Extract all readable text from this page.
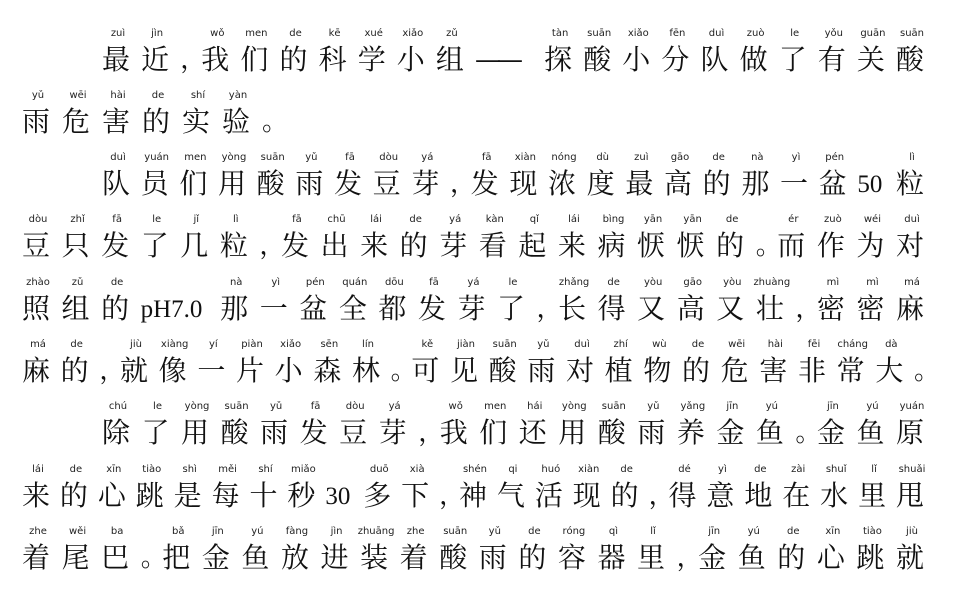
最
zuì
近
jìn
，
我
wǒ
们
men
的
de
科
kē
学
xué
小
xiǎo
组
zǔ
—— 探
tàn
酸
suān
小
xiǎo
分
fēn
队
duì
做
zuò
了
le
有
yǒu
关
guān
酸
suān
雨
yǔ
危
wēi
害
hài
的
de
实
shí
验
yàn
。
队
duì
员
yuán
们
men
用
yòng
酸
suān
雨
yǔ
发
fā
豆
dòu
芽
yá
，
发
fā
现
xiàn
浓
nóng
度
dù
最
zuì
高
gāo
的
de
那
nà
一
yì
盆
pén
50 粒
lì
豆
dòu
只
zhǐ
发
fā
了
le
几
jǐ
粒
lì
，
发
fā
出
chū
来
lái
的
de
芽
yá
看
kàn
起
qǐ
来
lái
病
bìng
恹
yān
恹
yān
的
de
。
而
ér
作
zuò
为
wéi
对
duì
照
zhào
组
zǔ
的
de
pH7.0 那
nà
一
yì
盆
pén
全
quán
都
dōu
发
fā
芽
yá
了
le
，
长
zhǎng
得
de
又
yòu
高
gāo
又
yòu
壮
zhuàng
，
密
mì
密
mì
麻
má
麻
má
的
de
，
就
jiù
像
xiàng
一
yí
片
piàn
小
xiǎo
森
sēn
林
lín
。
可
kě
见
jiàn
酸
suān
雨
yǔ
对
duì
植
zhí
物
wù
的
de
危
wēi
害
hài
非
fēi
常
cháng
大
dà
。
除
chú
了
le
用
yòng
酸
suān
雨
yǔ
发
fā
豆
dòu
芽
yá
，
我
wǒ
们
men
还
hái
用
yòng
酸
suān
雨
yǔ
养
yǎng
金
jīn
鱼
yú
。
金
jīn
鱼
yú
原
yuán
来
lái
的
de
心
xīn
跳
tiào
是
shì
每
měi
十
shí
秒
miǎo
30 多
duō
下
xià
，
神
shén
气
qi
活
huó
现
xiàn
的
de
，
得
dé
意
yì
地
de
在
zài
水
shuǐ
里
lǐ
甩
shuǎi
着
zhe
尾
wěi
巴
ba
。
把
bǎ
金
jīn
鱼
yú
放
fàng
进
jìn
装
zhuāng
着
zhe
酸
suān
雨
yǔ
的
de
容
róng
器
qì
里
lǐ
，
金
jīn
鱼
yú
的
de
心
xīn
跳
tiào
就
jiù
